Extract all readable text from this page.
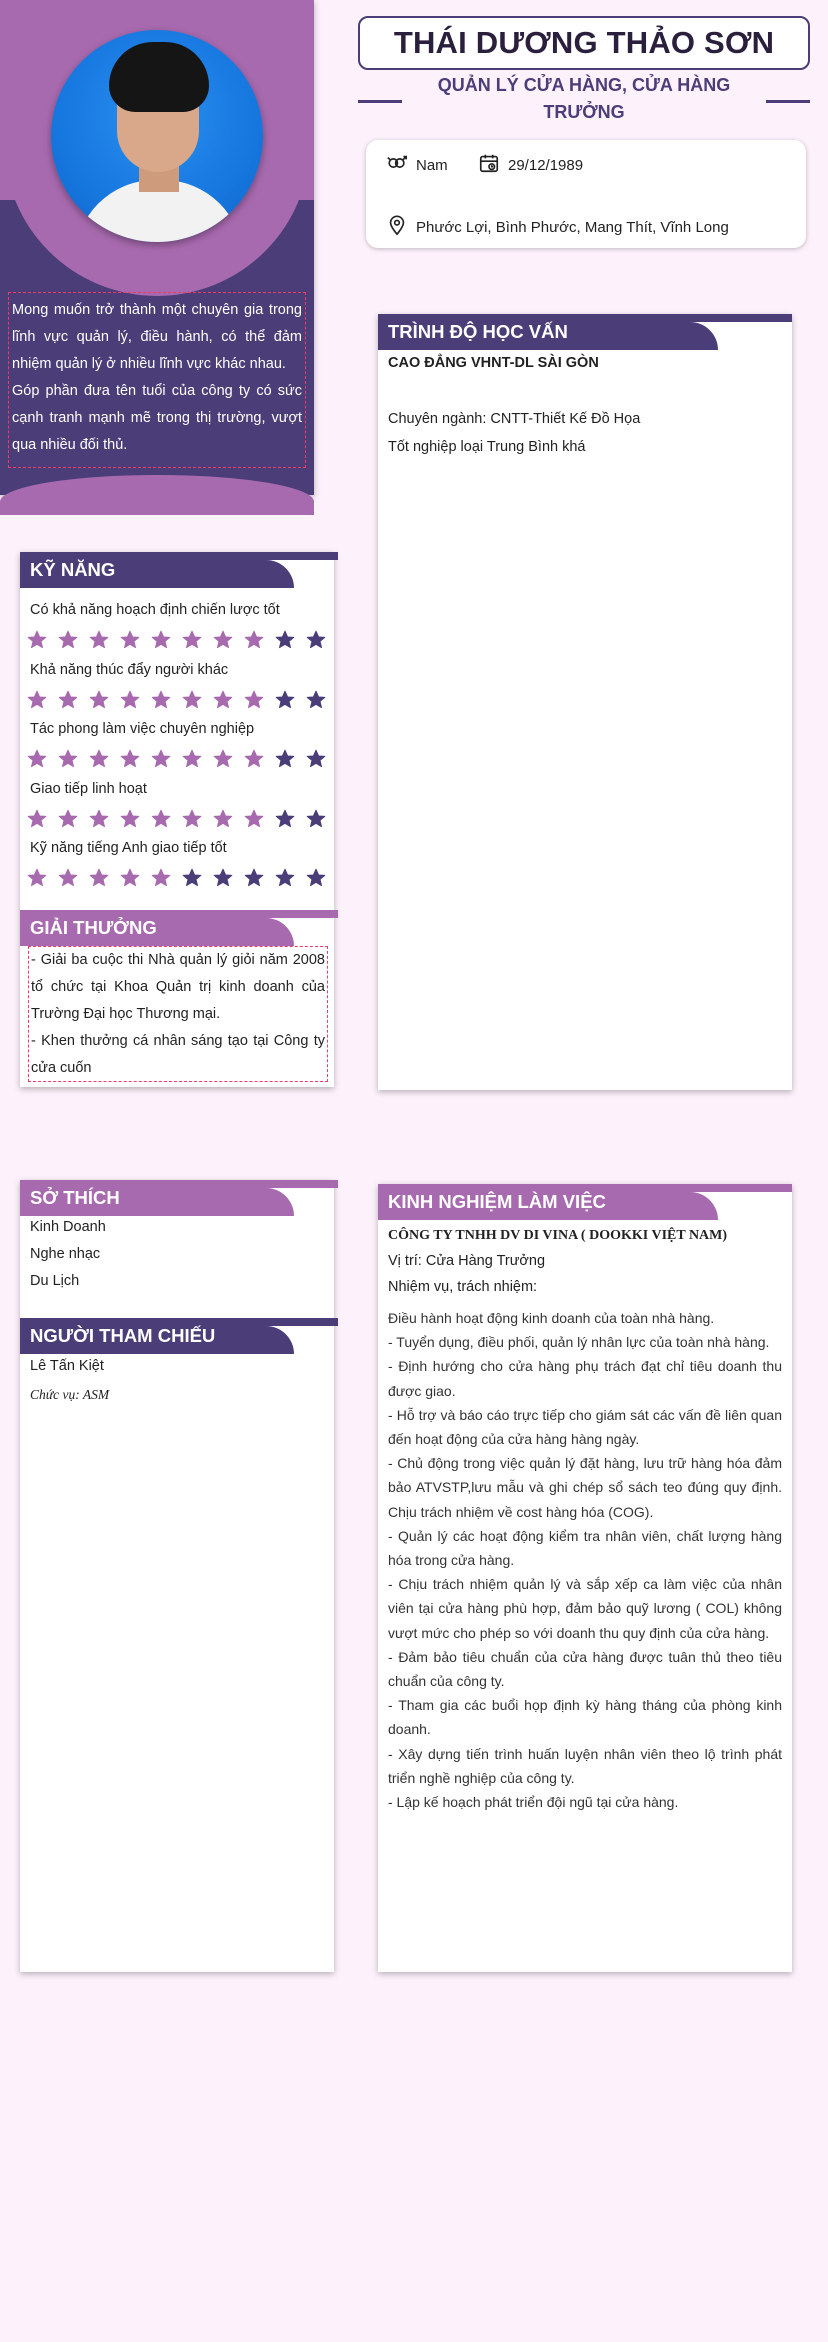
Mong muốn trở thành một chuyên gia trong lĩnh vực quản lý, điều hành, có thể đảm nhiệm quản lý ở nhiều lĩnh vực khác nhau.
Góp phần đưa tên tuổi của công ty có sức cạnh tranh mạnh mẽ trong thị trường, vượt qua nhiều đối thủ.
THÁI DƯƠNG THẢO SƠN
QUẢN LÝ CỬA HÀNG, CỬA HÀNG TRƯỞNG
Nam	29/12/1989
Phước Lợi, Bình Phước, Mang Thít, Vĩnh Long
KỸ NĂNG
Có khả năng hoạch định chiến lược tốt
Khả năng thúc đẩy người khác
Tác phong làm việc chuyên nghiệp
Giao tiếp linh hoạt
Kỹ năng tiếng Anh giao tiếp tốt
GIẢI THƯỞNG
- Giải ba cuộc thi Nhà quản lý giỏi năm 2008 tổ chức tại Khoa Quản trị kinh doanh của Trường Đại học Thương mại.
- Khen thưởng cá nhân sáng tạo tại Công ty cửa cuốn
TRÌNH ĐỘ HỌC VẤN
CAO ĐẲNG VHNT-DL SÀI GÒN
Chuyên ngành: CNTT-Thiết Kế Đồ Họa
Tốt nghiệp loại Trung Bình khá
SỞ THÍCH
Kinh Doanh
Nghe nhạc
Du Lịch
NGƯỜI THAM CHIẾU
Lê Tấn Kiệt
Chức vụ: ASM
KINH NGHIỆM LÀM VIỆC
CÔNG TY TNHH DV DI VINA ( DOOKKI VIỆT NAM)
Vị trí: Cửa Hàng Trưởng
Nhiệm vụ, trách nhiệm:
Điều hành hoạt động kinh doanh của toàn nhà hàng.
- Tuyển dụng, điều phối, quản lý nhân lực của toàn nhà hàng.
- Định hướng cho cửa hàng phụ trách đạt chỉ tiêu doanh thu được giao.
- Hỗ trợ và báo cáo trực tiếp cho giám sát các vấn đề liên quan đến hoạt động của cửa hàng hàng ngày.
- Chủ động trong việc quản lý đặt hàng, lưu trữ hàng hóa đảm bảo ATVSTP,lưu mẫu và ghi chép sổ sách teo đúng quy định. Chịu trách nhiệm về cost hàng hóa (COG).
- Quản lý các hoạt động kiểm tra nhân viên, chất lượng hàng hóa trong cửa hàng.
- Chịu trách nhiệm quản lý và sắp xếp ca làm việc của nhân viên tại cửa hàng phù hợp, đảm bảo quỹ lương ( COL) không vượt mức cho phép so với doanh thu quy định của cửa hàng.
- Đảm bảo tiêu chuẩn của cửa hàng được tuân thủ theo tiêu chuẩn của công ty.
- Tham gia các buổi họp định kỳ hàng tháng của phòng kinh doanh.
- Xây dựng tiến trình huấn luyện nhân viên theo lộ trình phát triển nghề nghiệp của công ty.
- Lập kế hoạch phát triển đội ngũ tại cửa hàng.
